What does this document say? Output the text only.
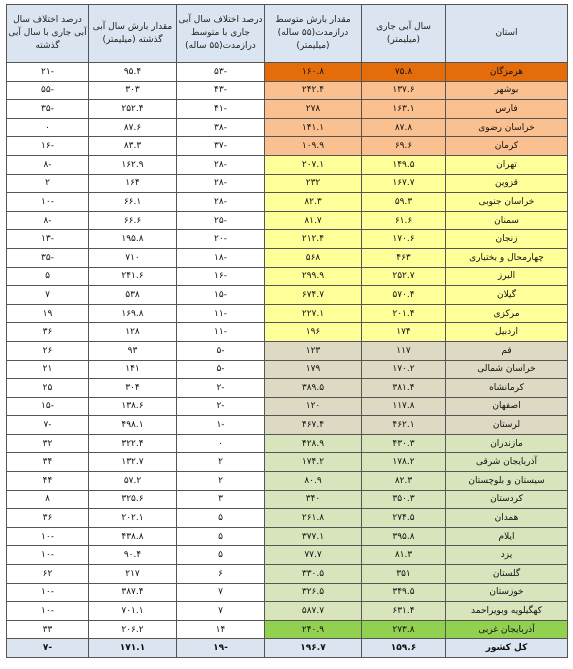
استان	سال آبی جاری (میلیمتر)	مقدار بارش متوسط درازمدت(۵۵ ساله) (میلیمتر)	درصد اختلاف سال آبی جاری با متوسط درازمدت(۵۵ ساله)	مقدار بارش سال آبی گذشته (میلیمتر)	درصد اختلاف سال آبی جاری با سال آبی گذشته
هرمزگان	۷۵.۸	۱۶۰.۸	-۵۳	۹۵.۴	-۲۱
بوشهر	۱۳۷.۶	۲۴۲.۴	-۴۳	۳۰۳	-۵۵
فارس	۱۶۳.۱	۲۷۸	-۴۱	۲۵۲.۴	-۳۵
خراسان رضوی	۸۷.۸	۱۴۱.۱	-۳۸	۸۷.۶	۰
کرمان	۶۹.۶	۱۰۹.۹	-۳۷	۸۳.۳	-۱۶
تهران	۱۴۹.۵	۲۰۷.۱	-۲۸	۱۶۲.۹	-۸
قزوین	۱۶۷.۷	۲۳۲	-۲۸	۱۶۴	۲
خراسان جنوبی	۵۹.۳	۸۲.۳	-۲۸	۶۶.۱	-۱۰
سمنان	۶۱.۶	۸۱.۷	-۲۵	۶۶.۶	-۸
زنجان	۱۷۰.۶	۲۱۲.۴	-۲۰	۱۹۵.۸	-۱۳
چهارمحال و بختیاری	۴۶۳	۵۶۸	-۱۸	۷۱۰	-۳۵
البرز	۲۵۲.۷	۲۹۹.۹	-۱۶	۲۴۱.۶	۵
گیلان	۵۷۰.۴	۶۷۴.۷	-۱۵	۵۳۸	۷
مرکزی	۲۰۱.۴	۲۲۷.۱	-۱۱	۱۶۹.۸	۱۹
اردبیل	۱۷۴	۱۹۶	-۱۱	۱۲۸	۳۶
قم	۱۱۷	۱۲۳	-۵	۹۳	۲۶
خراسان شمالی	۱۷۰.۲	۱۷۹	-۵	۱۴۱	۲۱
کرمانشاه	۳۸۱.۴	۳۸۹.۵	-۲	۳۰۴	۲۵
اصفهان	۱۱۷.۸	۱۲۰	-۲	۱۳۸.۶	-۱۵
لرستان	۴۶۲.۱	۴۶۷.۴	-۱	۴۹۸.۱	-۷
مازندران	۴۳۰.۳	۴۲۸.۹	۰	۳۲۲.۴	۳۲
آذربایجان شرقی	۱۷۸.۲	۱۷۴.۲	۲	۱۳۲.۷	۳۴
سیستان و بلوچستان	۸۲.۳	۸۰.۹	۲	۵۷.۲	۴۴
کردستان	۳۵۰.۳	۳۴۰	۳	۳۲۵.۶	۸
همدان	۲۷۴.۵	۲۶۱.۸	۵	۲۰۲.۱	۳۶
ایلام	۳۹۵.۸	۳۷۷.۱	۵	۴۳۸.۸	-۱۰
یزد	۸۱.۳	۷۷.۷	۵	۹۰.۴	-۱۰
گلستان	۳۵۱	۳۳۰.۵	۶	۲۱۷	۶۲
خوزستان	۳۴۹.۵	۳۲۶.۵	۷	۳۸۷.۴	-۱۰
کهگیلویه وبویراحمد	۶۳۱.۴	۵۸۷.۷	۷	۷۰۱.۱	-۱۰
آذربایجان غربی	۲۷۳.۸	۲۴۰.۹	۱۴	۲۰۶.۲	۳۳
کل کشور	۱۵۹.۶	۱۹۶.۷	-۱۹	۱۷۱.۱	-۷
